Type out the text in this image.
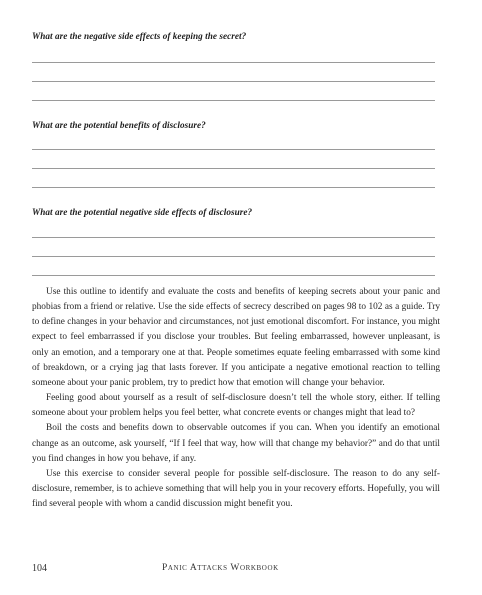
What are the negative side effects of keeping the secret?
What are the potential benefits of disclosure?
What are the potential negative side effects of disclosure?

Use this outline to identify and evaluate the costs and benefits of keeping secrets about your panic and phobias from a friend or relative. Use the side effects of secrecy described on pages 98 to 102 as a guide. Try to define changes in your behavior and circumstances, not just emotional discomfort. For instance, you might expect to feel embarrassed if you disclose your troubles. But feeling embarrassed, however unpleasant, is only an emotion, and a temporary one at that. People sometimes equate feeling embarrassed with some kind of breakdown, or a crying jag that lasts forever. If you anticipate a negative emotional reaction to telling someone about your panic problem, try to predict how that emotion will change your behavior.

Feeling good about yourself as a result of self-disclosure doesn’t tell the whole story, either. If telling someone about your problem helps you feel better, what concrete events or changes might that lead to?

Boil the costs and benefits down to observable outcomes if you can. When you identify an emotional change as an outcome, ask yourself, “If I feel that way, how will that change my behavior?” and do that until you find changes in how you behave, if any.

Use this exercise to consider several people for possible self-disclosure. The reason to do any self-disclosure, remember, is to achieve something that will help you in your recovery efforts. Hopefully, you will find several people with whom a candid discussion might benefit you.

104	Panic Attacks Workbook
